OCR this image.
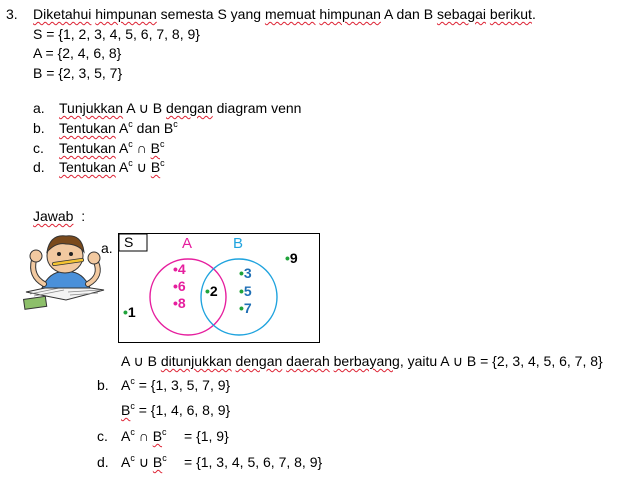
3. Diketahui himpunan semesta S yang memuat himpunan A dan B sebagai berikut.
S = {1, 2, 3, 4, 5, 6, 7, 8, 9}
A = {2, 4, 6, 8}
B = {2, 3, 5, 7}
a. Tunjukkan A ∪ B dengan diagram venn
b. Tentukan $A^c$ dan $B^c$
c. Tentukan $A^c$ ∩ $B^c$
d. Tentukan $A^c$ ∪ $B^c$
Jawab :
a. S	A	B
•4
•6
•8
•2
•3
•5
•7
•9
•1
A ∪ B ditunjukkan dengan daerah berbayang, yaitu A ∪ B = {2, 3, 4, 5, 6, 7, 8}
b. $A^c = \{1$, 3, 5, 7, 9}
$B^c = \{1$, 4, 6, 8, 9}
c. $A^c$ ∩ $B^c = \{1$, 9}
d. $A^c$ ∪ $B^c = \{1$, 3, 4, 5, 6, 7, 8, 9}
